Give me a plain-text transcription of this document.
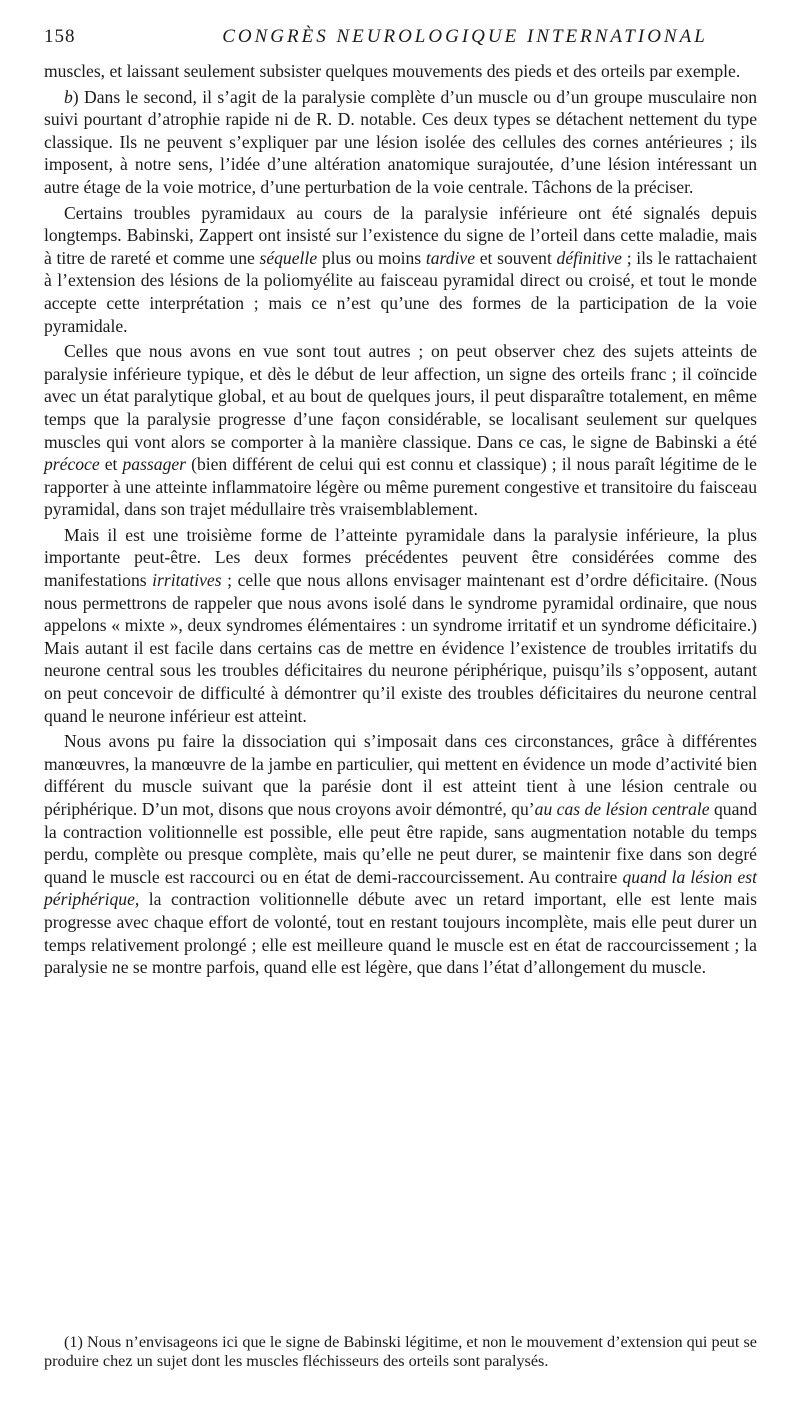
158	CONGRÈS NEUROLOGIQUE INTERNATIONAL

muscles, et laissant seulement subsister quelques mouvements des pieds et des orteils par exemple.

b) Dans le second, il s’agit de la paralysie complète d’un muscle ou d’un groupe musculaire non suivi pourtant d’atrophie rapide ni de R. D. notable. Ces deux types se détachent nettement du type classique. Ils ne peuvent s’expliquer par une lésion isolée des cellules des cornes antérieures ; ils imposent, à notre sens, l’idée d’une altération anatomique surajoutée, d’une lésion intéressant un autre étage de la voie motrice, d’une perturbation de la voie centrale. Tâchons de la préciser.

Certains troubles pyramidaux au cours de la paralysie inférieure ont été signalés depuis longtemps. Babinski, Zappert ont insisté sur l’existence du signe de l’orteil dans cette maladie, mais à titre de rareté et comme une séquelle plus ou moins tardive et souvent définitive ; ils le rattachaient à l’extension des lésions de la poliomyélite au faisceau pyramidal direct ou croisé, et tout le monde accepte cette interprétation ; mais ce n’est qu’une des formes de la participation de la voie pyramidale.

Celles que nous avons en vue sont tout autres ; on peut observer chez des sujets atteints de paralysie inférieure typique, et dès le début de leur affection, un signe des orteils franc ; il coïncide avec un état paralytique global, et au bout de quelques jours, il peut disparaître totalement, en même temps que la paralysie progresse d’une façon considérable, se localisant seulement sur quelques muscles qui vont alors se comporter à la manière classique. Dans ce cas, le signe de Babinski a été précoce et passager (bien différent de celui qui est connu et classique) ; il nous paraît légitime de le rapporter à une atteinte inflammatoire légère ou même purement congestive et transitoire du faisceau pyramidal, dans son trajet médullaire très vraisemblablement.

Mais il est une troisième forme de l’atteinte pyramidale dans la paralysie inférieure, la plus importante peut-être. Les deux formes précédentes peuvent être considérées comme des manifestations irritatives ; celle que nous allons envisager maintenant est d’ordre déficitaire. (Nous nous permettrons de rappeler que nous avons isolé dans le syndrome pyramidal ordinaire, que nous appelons « mixte », deux syndromes élémentaires : un syndrome irritatif et un syndrome déficitaire.) Mais autant il est facile dans certains cas de mettre en évidence l’existence de troubles irritatifs du neurone central sous les troubles déficitaires du neurone périphérique, puisqu’ils s’opposent, autant on peut concevoir de difficulté à démontrer qu’il existe des troubles déficitaires du neurone central quand le neurone inférieur est atteint.

Nous avons pu faire la dissociation qui s’imposait dans ces circonstances, grâce à différentes manœuvres, la manœuvre de la jambe en particulier, qui mettent en évidence un mode d’activité bien différent du muscle suivant que la parésie dont il est atteint tient à une lésion centrale ou périphérique. D’un mot, disons que nous croyons avoir démontré, qu’au cas de lésion centrale quand la contraction volitionnelle est possible, elle peut être rapide, sans augmentation notable du temps perdu, complète ou presque complète, mais qu’elle ne peut durer, se maintenir fixe dans son degré quand le muscle est raccourci ou en état de demi-raccourcissement. Au contraire quand la lésion est périphérique, la contraction volitionnelle débute avec un retard important, elle est lente mais progresse avec chaque effort de volonté, tout en restant toujours incomplète, mais elle peut durer un temps relativement prolongé ; elle est meilleure quand le muscle est en état de raccourcissement ; la paralysie ne se montre parfois, quand elle est légère, que dans l’état d’allongement du muscle.

(1) Nous n’envisageons ici que le signe de Babinski légitime, et non le mouvement d’extension qui peut se produire chez un sujet dont les muscles fléchisseurs des orteils sont paralysés.
